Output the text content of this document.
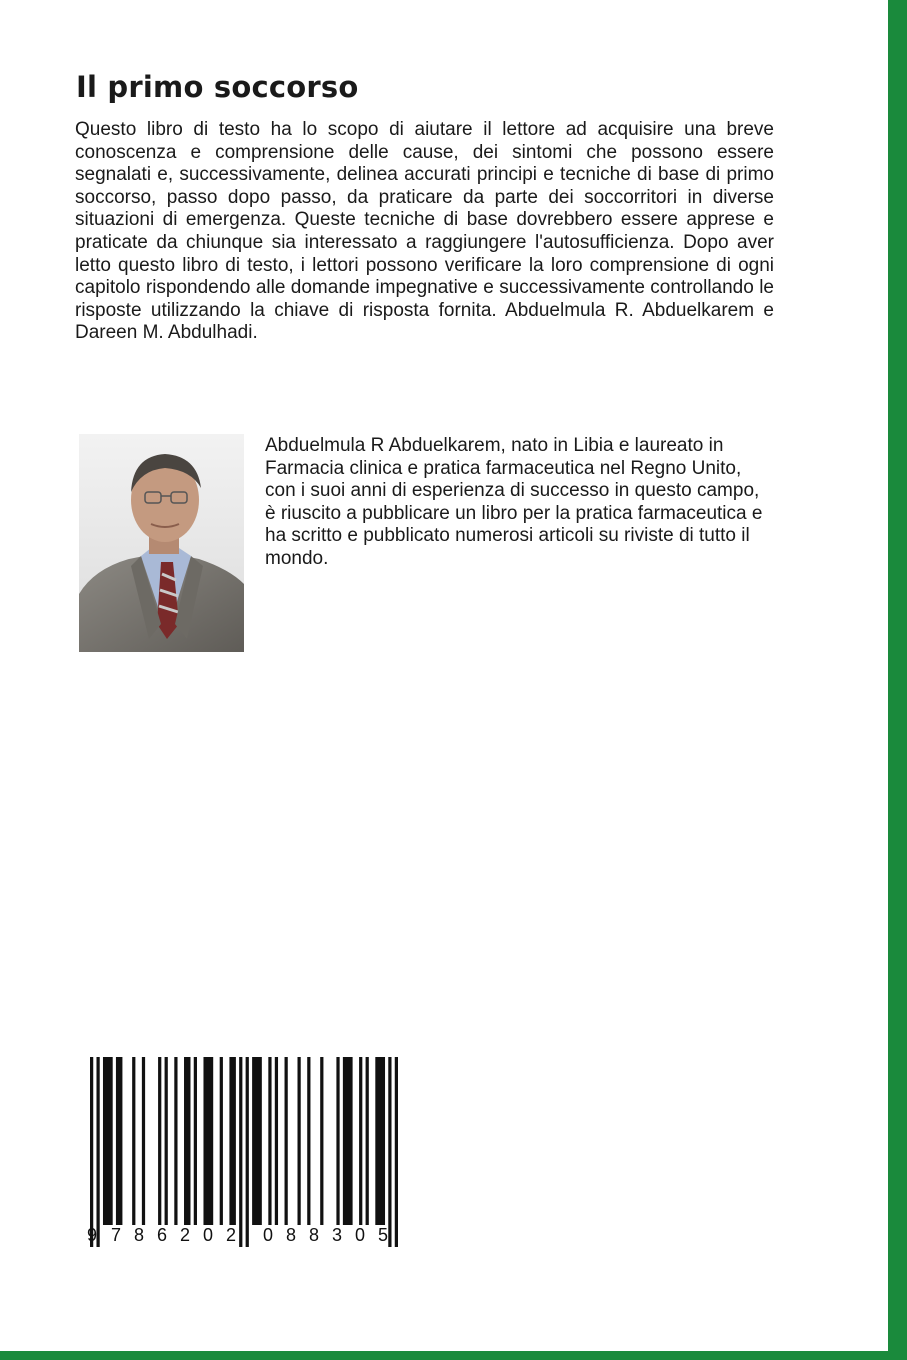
Il primo soccorso

Questo libro di testo ha lo scopo di aiutare il lettore ad acquisire una breve conoscenza e comprensione delle cause, dei sintomi che possono essere segnalati e, successivamente, delinea accurati principi e tecniche di base di primo soccorso, passo dopo passo, da praticare da parte dei soccorritori in diverse situazioni di emergenza. Queste tecniche di base dovrebbero essere apprese e praticate da chiunque sia interessato a raggiungere l'autosufficienza. Dopo aver letto questo libro di testo, i lettori possono verificare la loro comprensione di ogni capitolo rispondendo alle domande impegnative e successivamente controllando le risposte utilizzando la chiave di risposta fornita. Abduelmula R. Abduelkarem e Dareen M. Abdulhadi.

Abduelmula R Abduelkarem, nato in Libia e laureato in Farmacia clinica e pratica farmaceutica nel Regno Unito, con i suoi anni di esperienza di successo in questo campo, è riuscito a pubblicare un libro per la pratica farmaceutica e ha scritto e pubblicato numerosi articoli su riviste di tutto il mondo.

9 7 8 6 2 0 2 0 8 8 3 0 5
